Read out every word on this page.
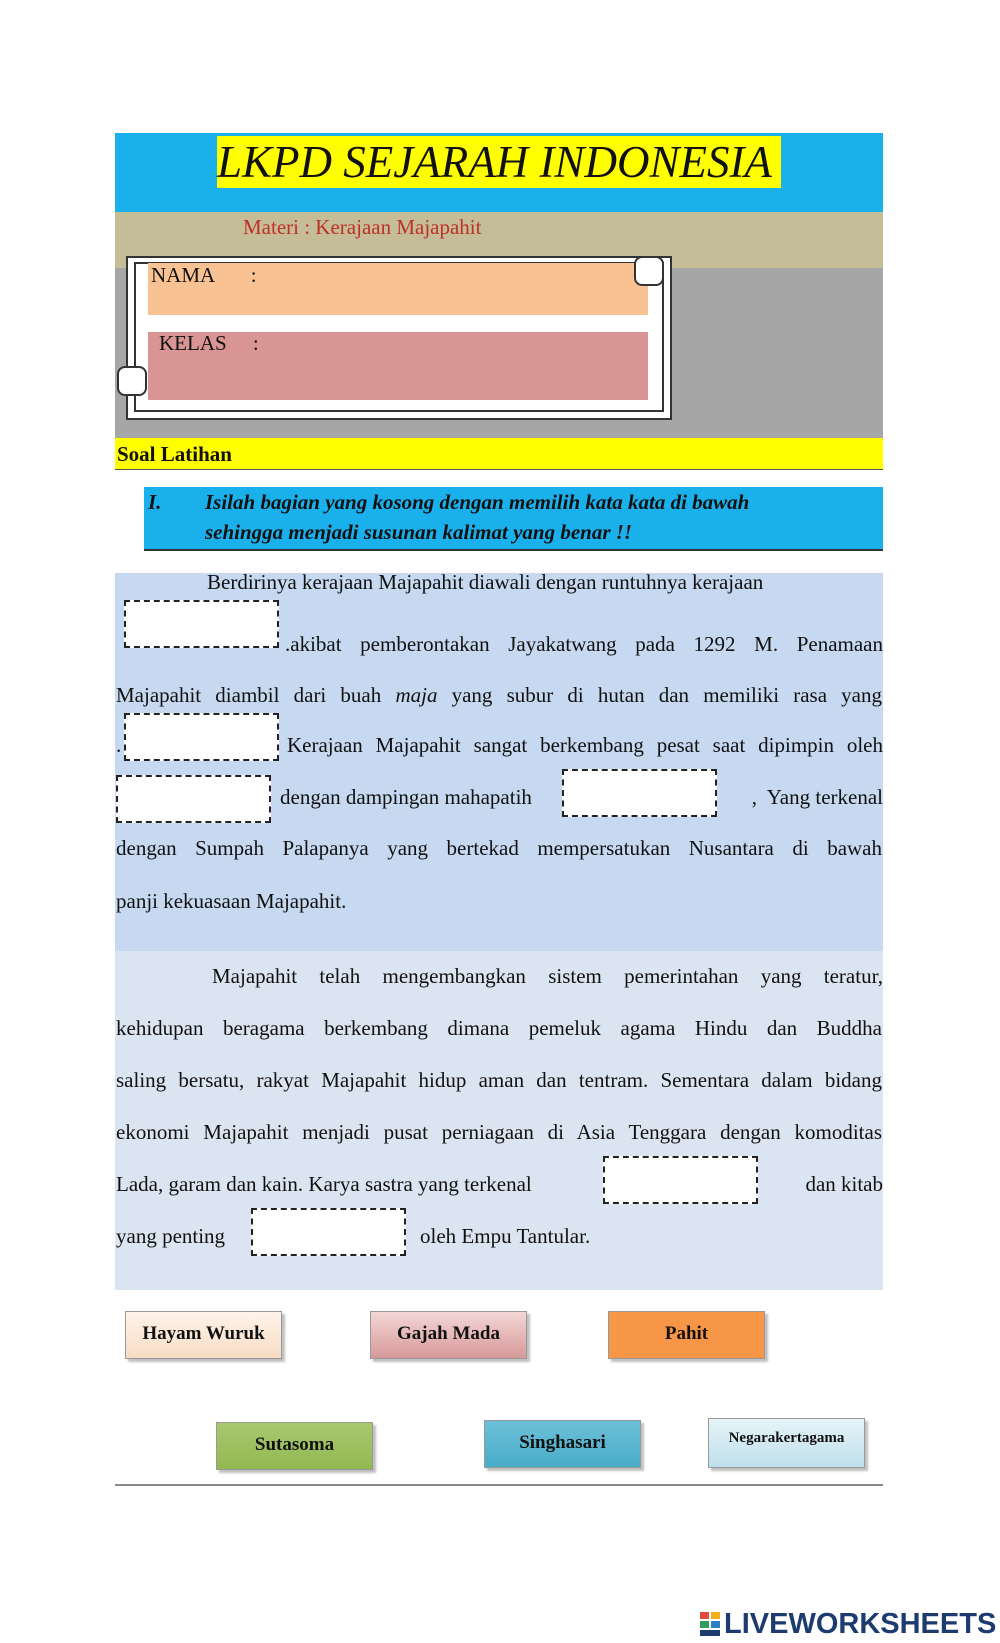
LKPD SEJARAH INDONESIA
Materi : Kerajaan Majapahit
NAMA       :
KELAS     :
Soal Latihan
I. Isilah bagian yang kosong dengan memilih kata kata di bawah
sehingga menjadi susunan kalimat yang benar !!
Berdirinya kerajaan Majapahit diawali dengan runtuhnya kerajaan
.akibat pemberontakan Jayakatwang pada 1292 M. Penamaan
Majapahit diambil dari buah maja yang subur di hutan dan memiliki rasa yang
.	Kerajaan Majapahit sangat berkembang pesat saat dipimpin oleh
dengan dampingan mahapatih	,  Yang terkenal
dengan Sumpah Palapanya yang bertekad mempersatukan Nusantara di bawah
panji kekuasaan Majapahit.
Majapahit telah mengembangkan sistem pemerintahan yang teratur,
kehidupan beragama berkembang dimana pemeluk agama Hindu dan Buddha
saling bersatu, rakyat Majapahit hidup aman dan tentram. Sementara dalam bidang
ekonomi Majapahit menjadi pusat perniagaan di Asia Tenggara dengan komoditas
Lada, garam dan kain. Karya sastra yang terkenal	dan kitab
yang penting	oleh Empu Tantular.
Hayam Wuruk	Gajah Mada	Pahit
Sutasoma	Singhasari	Negarakertagama
LIVEWORKSHEETS
